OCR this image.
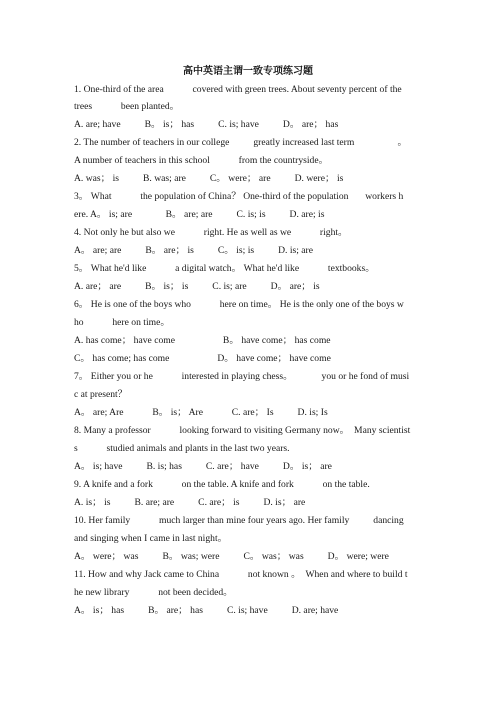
高中英语主谓一致专项练习题
1. One-third of the area            covered with green trees. About seventy percent of the
trees            been planted。
A. are; have          B。 is； has          C. is; have          D。 are； has
2. The number of teachers in our college          greatly increased last term                  。
A number of teachers in this school            from the countryside。
A. was； is          B. was; are          C。 were； are          D. were； is
3。 What            the population of China？ One-third of the population       workers h
ere. A。 is; are              B。 are; are          C. is; is          D. are; is
4. Not only he but also we            right. He as well as we            right。
A。 are; are          B。 are； is          C。 is; is          D. is; are
5。 What he'd like            a digital watch。 What he'd like            textbooks。
A. are； are          B。 is； is          C. is; are          D。 are； is
6。 He is one of the boys who            here on time。 He is the only one of the boys w
ho            here on time。
A. has come； have come                    B。 have come； has come
C。 has come; has come                    D。 have come； have come
7。 Either you or he            interested in playing chess。            you or he fond of musi
c at present？
A。 are; Are            B。 is； Are            C. are； Is          D. is; Is
8. Many a professor            looking forward to visiting Germany now。  Many scientist
s            studied animals and plants in the last two years.
A。 is; have          B. is; has          C. are； have          D。 is； are
9. A knife and a fork            on the table. A knife and fork            on the table.
A. is； is          B. are; are          C. are； is          D. is； are
10. Her family            much larger than mine four years ago. Her family          dancing
and singing when I came in last night。
A。 were； was          B。 was; were          C。 was； was          D。 were; were
11. How and why Jack came to China            not known 。  When and where to build t
he new library            not been decided。
A。 is； has          B。 are； has          C. is; have          D. are; have
